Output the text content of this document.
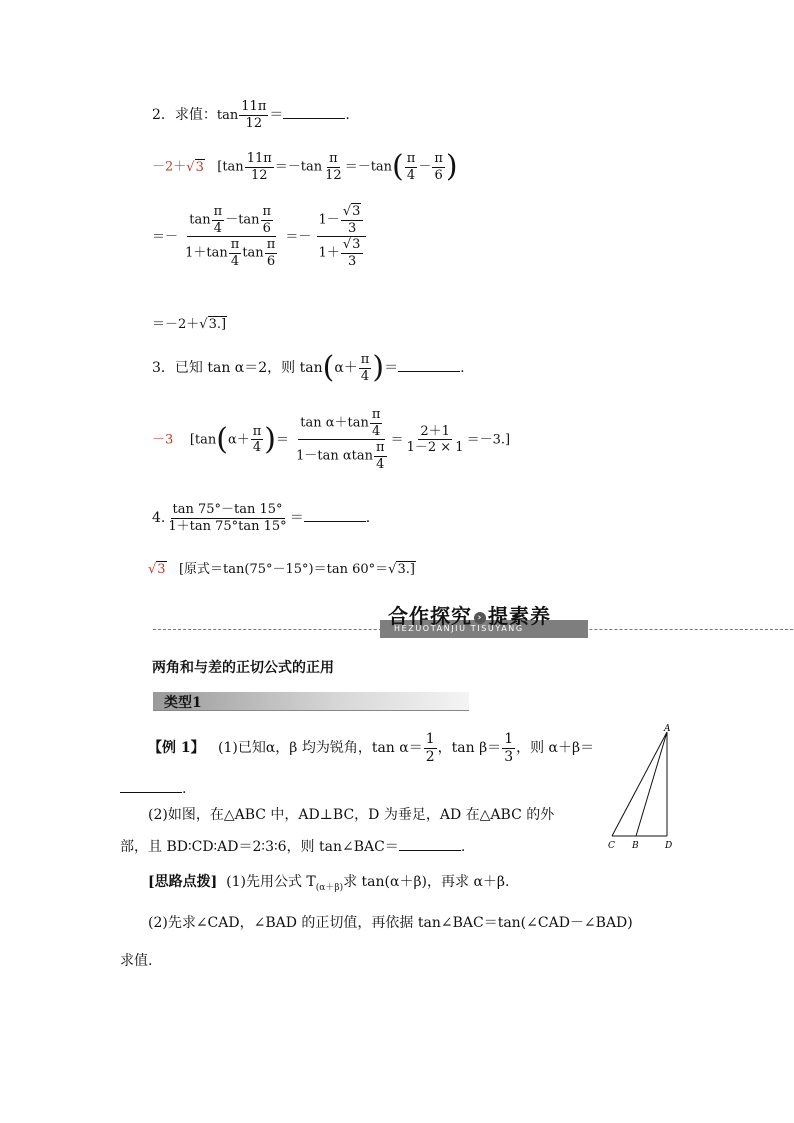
2．求值：$\tan \frac{11\pi}{12}$ ＝	.
－2＋√3 [$\tan \frac{11\pi}{12} =-\tan \frac{\pi}{12} =-\tan( \frac{\pi}{4} - \frac{\pi}{6}$ )
＝－ $\frac{\tan \frac{\pi}{4} -\tan \frac{\pi}{6}}{1+\tan \frac{\pi}{4} \tan \frac{\pi}{6}} =- \frac{1- \frac{√3}{3}}{1+ \frac{√3}{3}}$
＝－2＋√3.]
3．已知 tan α＝2，则 $\tan(\alpha+ \frac{\pi}{4}$ )＝	.
－3 [$\tan(\alpha+ \frac{\pi}{4}$ )＝ $\frac{\tan \alpha+\tan \frac{\pi}{4}}{1-\tan \alpha\tan \frac{\pi}{4}} = \frac{2+1}{1-2 \times 1} =-3$.]
4. $\frac{\tan 75^\circ-\tan 15^\circ}{1+\tan 75^\circ\tan 15^\circ}$ ＝	.
√3 [原式＝tan(75°－15°)＝tan 60°＝√3.]
合作探究 › 提素养
HEZUOTANJIU TISUYANG
两角和与差的正切公式的正用
类型1
【例 1】 (1)已知α，β 均为锐角，$\tan \alpha= \frac{1}{2}$ ，$\tan \beta= \frac{1}{3}$ ，则 α＋β＝
.
(2)如图，在△ABC 中，AD⊥BC，D 为垂足，AD 在△ABC 的外
部，且 BD∶CD∶AD＝2∶3∶6，则 tan∠BAC＝	.
[思路点拨] (1)先用公式 $T_{(\alpha+\beta)}$求 tan(α＋β)，再求 α＋β.
(2)先求∠CAD，∠BAD 的正切值，再依据 tan∠BAC＝tan(∠CAD－∠BAD)
求值.
A
C B	D
